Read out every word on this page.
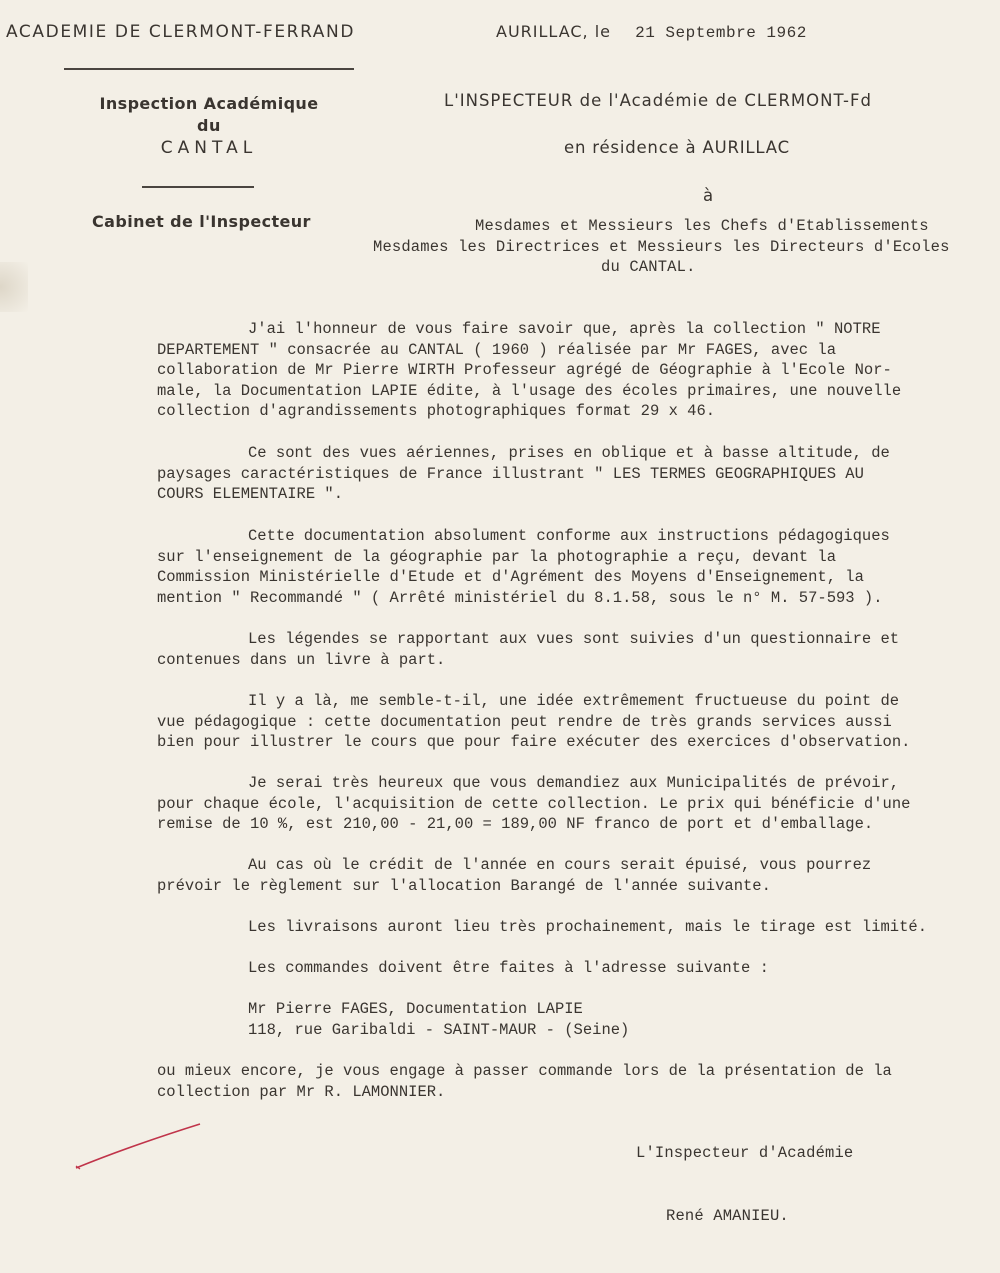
ACADEMIE DE CLERMONT-FERRAND	AURILLAC, le 21 Septembre 1962
Inspection Académique
du
CANTAL
Cabinet de l'Inspecteur
L'INSPECTEUR de l'Académie de CLERMONT-Fd
en résidence à AURILLAC
à
Mesdames et Messieurs les Chefs d'Etablissements
Mesdames les Directrices et Messieurs les Directeurs d'Ecoles
du CANTAL.
J'ai l'honneur de vous faire savoir que, après la collection " NOTRE
DEPARTEMENT " consacrée au CANTAL ( 1960 ) réalisée par Mr FAGES, avec la
collaboration de Mr Pierre WIRTH Professeur agrégé de Géographie à l'Ecole Nor-
male, la Documentation LAPIE édite, à l'usage des écoles primaires, une nouvelle
collection d'agrandissements photographiques format 29 x 46.
Ce sont des vues aériennes, prises en oblique et à basse altitude, de
paysages caractéristiques de France illustrant " LES TERMES GEOGRAPHIQUES AU
COURS ELEMENTAIRE ".
Cette documentation absolument conforme aux instructions pédagogiques
sur l'enseignement de la géographie par la photographie a reçu, devant la
Commission Ministérielle d'Etude et d'Agrément des Moyens d'Enseignement, la
mention " Recommandé " ( Arrêté ministériel du 8.1.58, sous le n° M. 57-593 ).
Les légendes se rapportant aux vues sont suivies d'un questionnaire et
contenues dans un livre à part.
Il y a là, me semble-t-il, une idée extrêmement fructueuse du point de
vue pédagogique : cette documentation peut rendre de très grands services aussi
bien pour illustrer le cours que pour faire exécuter des exercices d'observation.
Je serai très heureux que vous demandiez aux Municipalités de prévoir,
pour chaque école, l'acquisition de cette collection. Le prix qui bénéficie d'une
remise de 10 %, est 210,00 - 21,00 = 189,00 NF franco de port et d'emballage.
Au cas où le crédit de l'année en cours serait épuisé, vous pourrez
prévoir le règlement sur l'allocation Barangé de l'année suivante.
Les livraisons auront lieu très prochainement, mais le tirage est limité.
Les commandes doivent être faites à l'adresse suivante :
Mr Pierre FAGES, Documentation LAPIE
118, rue Garibaldi - SAINT-MAUR - (Seine)
ou mieux encore, je vous engage à passer commande lors de la présentation de la
collection par Mr R. LAMONNIER.
L'Inspecteur d'Académie
René AMANIEU.
